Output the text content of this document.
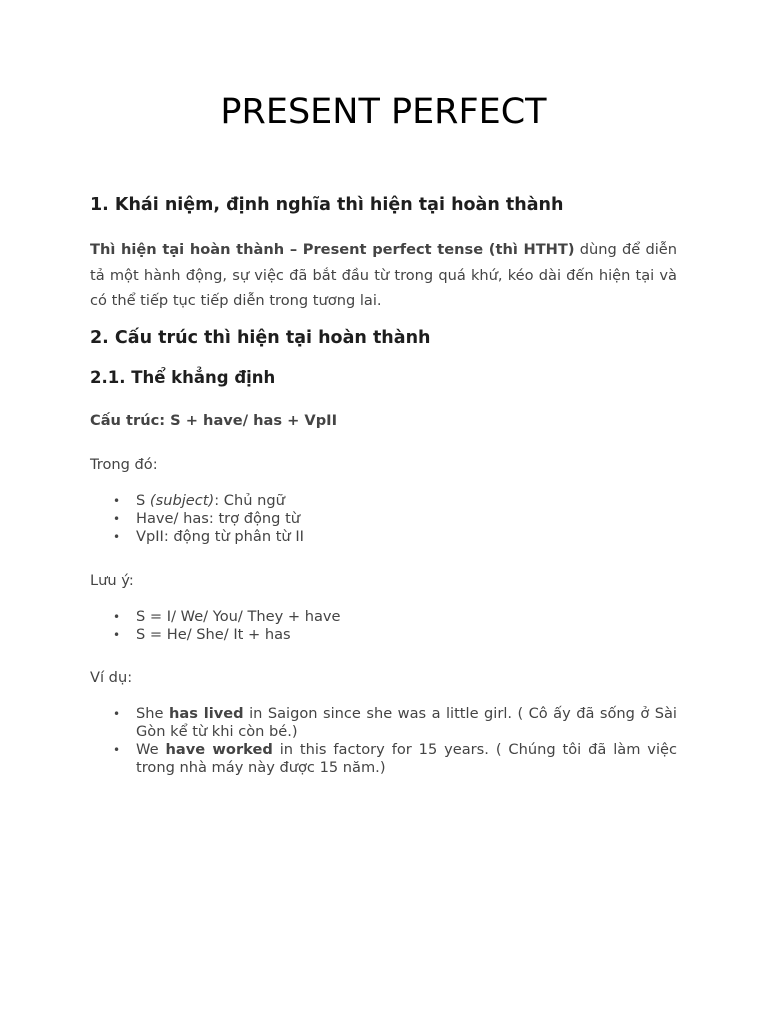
PRESENT PERFECT
1. Khái niệm, định nghĩa thì hiện tại hoàn thành

Thì hiện tại hoàn thành – Present perfect tense (thì HTHT) dùng để diễn tả một hành động, sự việc đã bắt đầu từ trong quá khứ, kéo dài đến hiện tại và có thể tiếp tục tiếp diễn trong tương lai.

2. Cấu trúc thì hiện tại hoàn thành
2.1. Thể khẳng định

Cấu trúc: S + have/ has + VpII

Trong đó:

• S (subject): Chủ ngữ
• Have/ has: trợ động từ
• VpII: động từ phân từ II

Lưu ý:

• S = I/ We/ You/ They + have
• S = He/ She/ It + has

Ví dụ:

• She has lived in Saigon since she was a little girl. ( Cô ấy đã sống ở Sài Gòn kể từ khi còn bé.)
• We have worked in this factory for 15 years. ( Chúng tôi đã làm việc trong nhà máy này được 15 năm.)
